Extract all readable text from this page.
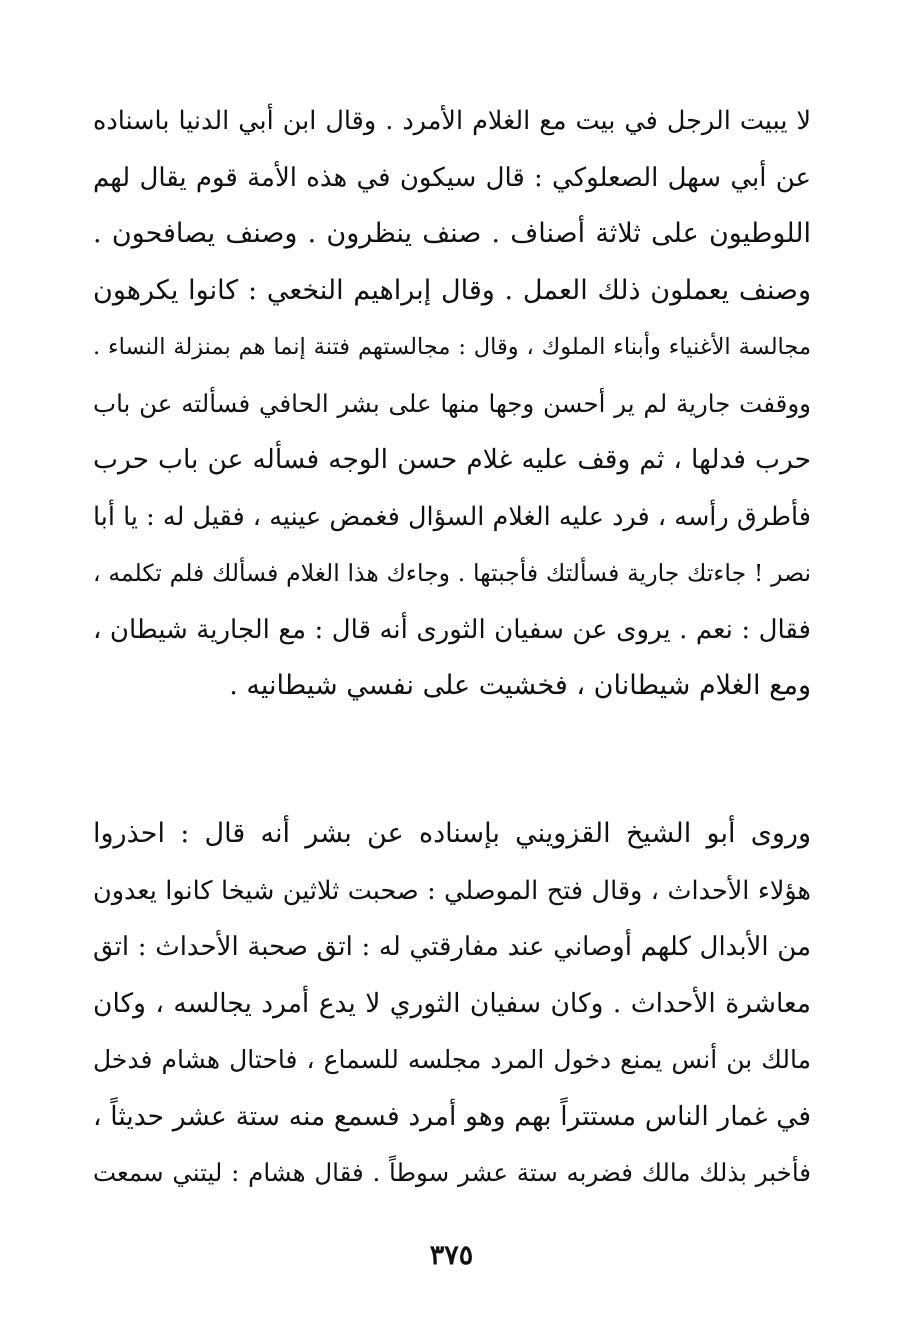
لا يبيت الرجل في بيت مع الغلام الأمرد . وقال ابن أبي الدنيا باسناده
عن أبي سهل الصعلوكي : قال سيكون في هذه الأمة قوم يقال لهم
اللوطيون على ثلاثة أصناف . صنف ينظرون . وصنف يصافحون .
وصنف يعملون ذلك العمل . وقال إبراهيم النخعي : كانوا يكرهون
مجالسة الأغنياء وأبناء الملوك ، وقال : مجالستهم فتنة إنما هم بمنزلة النساء .
ووقفت جارية لم ير أحسن وجها منها على بشر الحافي فسألته عن باب
حرب فدلها ، ثم وقف عليه غلام حسن الوجه فسأله عن باب حرب
فأطرق رأسه ، فرد عليه الغلام السؤال فغمض عينيه ، فقيل له : يا أبا
نصر ! جاءتك جارية فسألتك فأجبتها . وجاءك هذا الغلام فسألك فلم تكلمه ،
فقال : نعم . يروى عن سفيان الثورى أنه قال : مع الجارية شيطان ،
ومع الغلام شيطانان ، فخشيت على نفسي شيطانيه .
وروى أبو الشيخ القزويني بإسناده عن بشر أنه قال : احذروا
هؤلاء الأحداث ، وقال فتح الموصلي : صحبت ثلاثين شيخا كانوا يعدون
من الأبدال كلهم أوصاني عند مفارقتي له : اتق صحبة الأحداث : اتق
معاشرة الأحداث . وكان سفيان الثوري لا يدع أمرد يجالسه ، وكان
مالك بن أنس يمنع دخول المرد مجلسه للسماع ، فاحتال هشام فدخل
في غمار الناس مستتراً بهم وهو أمرد فسمع منه ستة عشر حديثاً ،
فأخبر بذلك مالك فضربه ستة عشر سوطاً . فقال هشام : ليتني سمعت
٣٧٥
